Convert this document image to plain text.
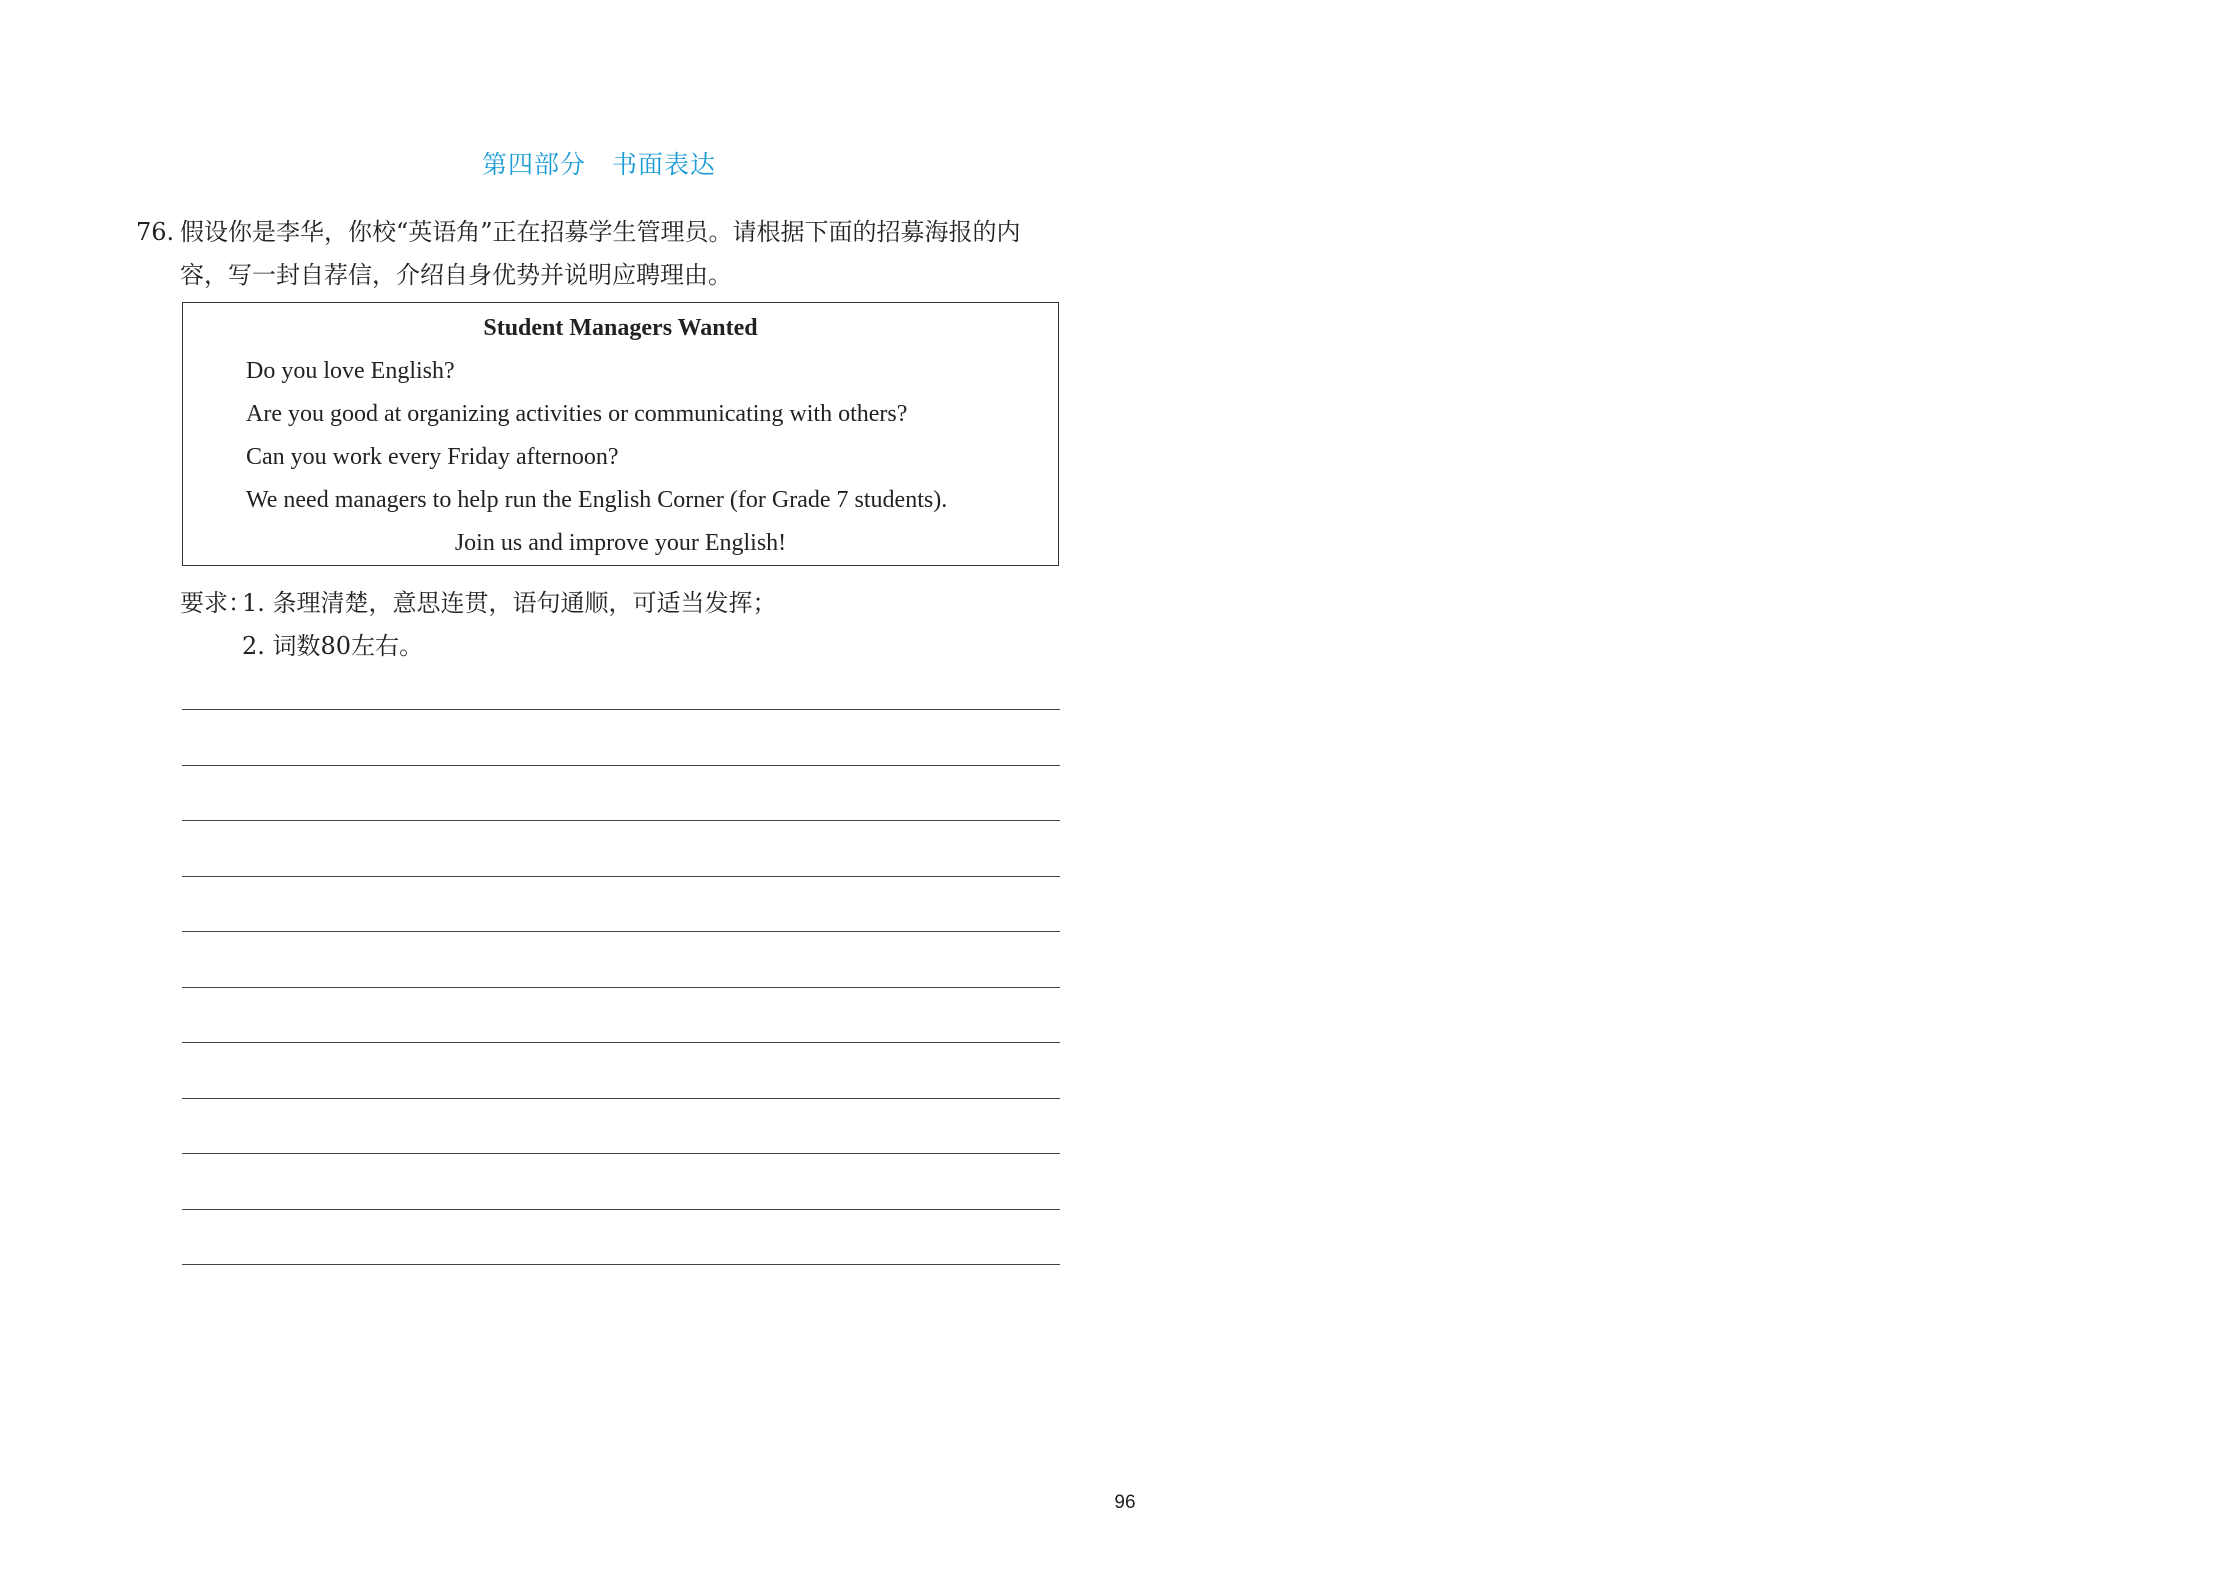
第四部分　书面表达
76. 假设你是李华，你校“英语角”正在招募学生管理员。请根据下面的招募海报的内容，写一封自荐信，介绍自身优势并说明应聘理由。
Student Managers Wanted
Do you love English?
Are you good at organizing activities or communicating with others?
Can you work every Friday afternoon?
We need managers to help run the English Corner (for Grade 7 students).
Join us and improve your English!
要求：
1. 条理清楚，意思连贯，语句通顺，可适当发挥；
2. 词数80左右。
96
